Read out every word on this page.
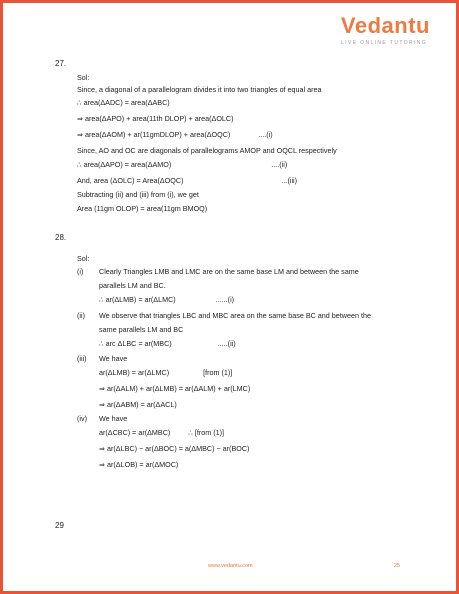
Vedantu
LIVE ONLINE TUTORING
27.
Sol:
Since, a diagonal of a parallelogram divides it into two triangles of equal area
∴ area(ΔADC) = area(ΔABC)
⇒ area(ΔAPO) + area(11th DLOP) + area(ΔOLC)
⇒ area(ΔAOM) + ar(11gmDLOP) + area(ΔOQC)	....(i)
Since, AO and OC are diagonals of parallelograms AMOP and OQCL respectively
∴ area(ΔAPO) = area(ΔAMO)	....(ii)
And, area (ΔOLC) = Area(ΔOQC)	...(iii)
Subtracting (ii) and (iii) from (i), we get
Area (11gm OLOP) = area(11gm BMOQ)
28.
Sol:
(i) Clearly Triangles LMB and LMC are on the same base LM and between the same
parallels LM and BC.
∴ ar(ΔLMB) = ar(ΔLMC)	......(i)
(ii) We observe that triangles LBC and MBC area on the same base BC and between the
same parallels LM and BC
∴ arc ΔLBC = ar(MBC)	.....(ii)
(iii) We have
ar(ΔLMB) = ar(ΔLMC)	[from (1)]
⇒ ar(ΔALM) + ar(ΔLMB) = ar(ΔALM) + ar(LMC)
⇒ ar(ΔABM) = ar(ΔACL)
(iv) We have
ar(ΔCBC) = ar(ΔMBC)	∴ [from (1)]
⇒ ar(ΔLBC) − ar(ΔBOC) = a(ΔMBC) − ar(BOC)
⇒ ar(ΔLOB) = ar(ΔMOC)
29
www.vedantu.com	25
